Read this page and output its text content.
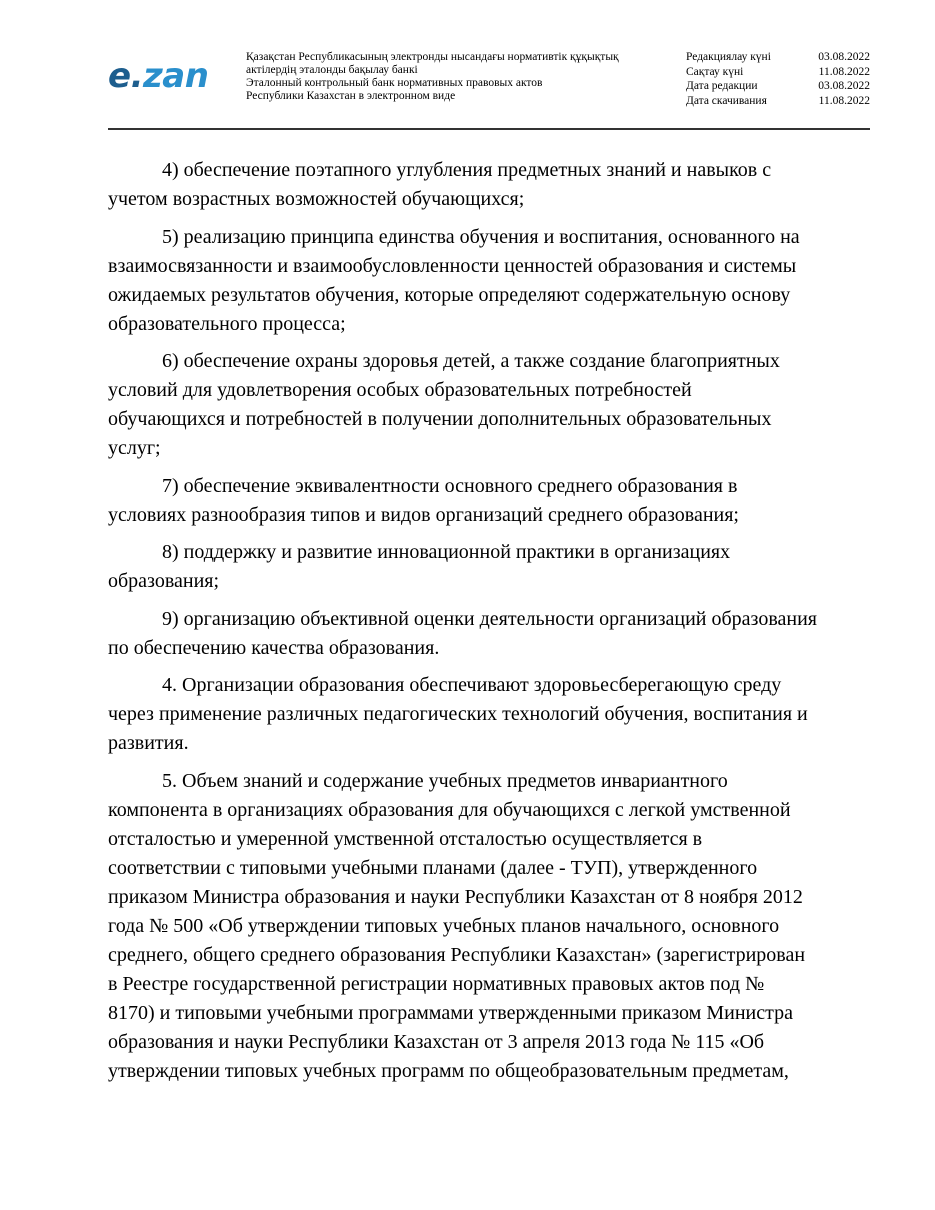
e.zan	Қазақстан Республикасының электронды нысандағы нормативтік құқықтық
актілердің эталонды бақылау банкі
Эталонный контрольный банк нормативных правовых актов
Республики Казахстан в электронном виде
Редакциялау күні	03.08.2022
Сақтау күні	11.08.2022
Дата редакции	03.08.2022
Дата скачивания	11.08.2022

4) обеспечение поэтапного углубления предметных знаний и навыков с
учетом возрастных возможностей обучающихся;

5) реализацию принципа единства обучения и воспитания, основанного на
взаимосвязанности и взаимообусловленности ценностей образования и системы
ожидаемых результатов обучения, которые определяют содержательную основу
образовательного процесса;

6) обеспечение охраны здоровья детей, а также создание благоприятных
условий для удовлетворения особых образовательных потребностей
обучающихся и потребностей в получении дополнительных образовательных
услуг;

7) обеспечение эквивалентности основного среднего образования в
условиях разнообразия типов и видов организаций среднего образования;

8) поддержку и развитие инновационной практики в организациях
образования;

9) организацию объективной оценки деятельности организаций образования
по обеспечению качества образования.

4. Организации образования обеспечивают здоровьесберегающую среду
через применение различных педагогических технологий обучения, воспитания и
развития.

5. Объем знаний и содержание учебных предметов инвариантного
компонента в организациях образования для обучающихся с легкой умственной
отсталостью и умеренной умственной отсталостью осуществляется в
соответствии с типовыми учебными планами (далее - ТУП), утвержденного
приказом Министра образования и науки Республики Казахстан от 8 ноября 2012
года № 500 «Об утверждении типовых учебных планов начального, основного
среднего, общего среднего образования Республики Казахстан» (зарегистрирован
в Реестре государственной регистрации нормативных правовых актов под №
8170) и типовыми учебными программами утвержденными приказом Министра
образования и науки Республики Казахстан от 3 апреля 2013 года № 115 «Об
утверждении типовых учебных программ по общеобразовательным предметам,
